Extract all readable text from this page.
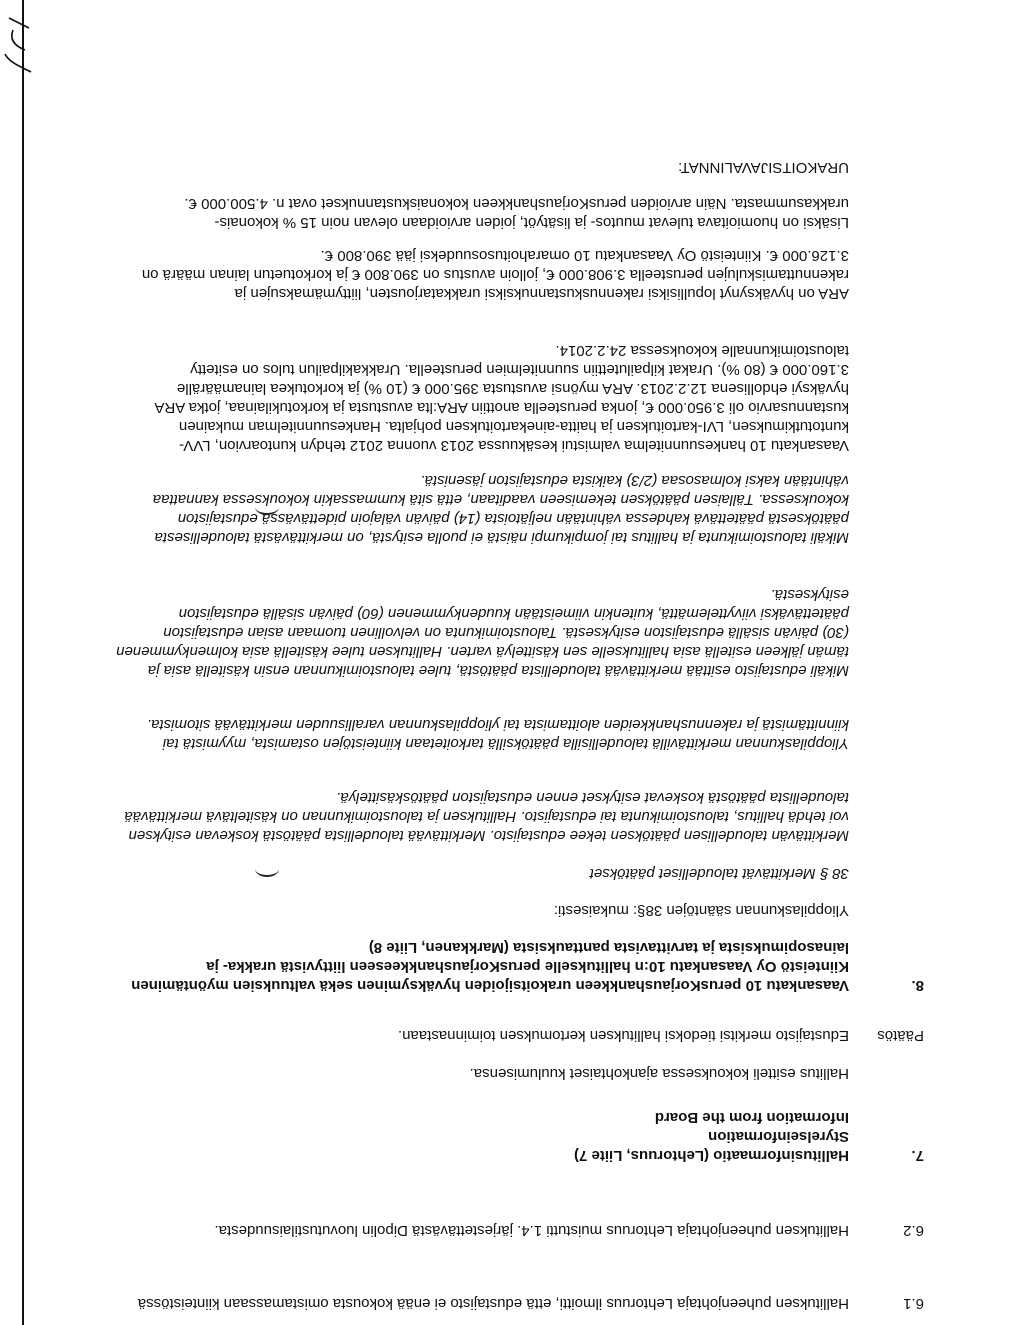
6.1
Hallituksen puheenjohtaja Lehtoruus ilmoitti, että edustajisto ei enää kokousta omistamassaan kiinteistössä
6.2
Hallituksen puheenjohtaja Lehtoruus muistutti 1.4. järjestettävästä Dipolin luovutustilaisuudesta.
7.
Hallitusinformaatio (Lehtoruus, Liite 7)
Styrelseinformation
Information from the Board
Hallitus esitteli kokouksessa ajankohtaiset kuulumisensa.
Päätös
Edustajisto merkitsi tiedoksi hallituksen kertomuksen toiminnastaan.
8.
Vaasankatu 10 perusKorjaushankkeen urakoitsijoiden hyväksyminen sekä valtuuksien myöntäminen Kiinteistö Oy Vaasankatu 10:n hallitukselle perusKorjaushankkeeseen liittyvistä urakka- ja lainasopimuksista ja tarvittavista panttauksista (Markkanen, Liite 8)
Ylioppilaskunnan sääntöjen 38§: mukaisesti:
38 § Merkittävät taloudelliset päätökset
Merkittävän taloudellisen päätöksen tekee edustajisto. Merkittävää taloudellista päätöstä koskevan esityksen voi tehdä hallitus, taloustoimikunta tai edustajisto. Hallituksen ja taloustoimikunnan on käsiteltävä merkittävää taloudellista päätöstä koskevat esitykset ennen edustajiston päätöskäsittelyä.
Ylioppilaskunnan merkittävillä taloudellisilla päätöksillä tarkoitetaan kiinteistöjen ostamista, myymistä tai kiinnittämistä ja rakennushankkeiden aloittamista tai ylioppilaskunnan varallisuuden merkittävää sitomista.
Mikäli edustajisto esittää merkittävää taloudellista päätöstä, tulee taloustoimikunnan ensin käsitellä asia ja tämän jälkeen esitellä asia hallitukselle sen käsittelyä varten. Hallituksen tulee käsitellä asia kolmenkymmenen (30) päivän sisällä edustajiston esityksestä. Taloustoimikunta on velvollinen tuomaan asian edustajiston päätettäväksi viivyttelemättä, kuitenkin viimeistään kuudenkymmenen (60) päivän sisällä edustajiston esityksestä.
Mikäli taloustoimikunta ja hallitus tai jompikumpi näistä ei puolla esitystä, on merkittävästä taloudellisesta päätöksestä päätettävä kahdessa vähintään neljätoista (14) päivän välajoin pidettävässä edustajiston kokouksessa. Tällaisen päätöksen tekemiseen vaaditaan, että sitä kummassakin kokouksessa kannattaa vähintään kaksi kolmasosaa (2/3) kaikista edustajiston jäsenistä.
Vaasankatu 10 hankesuunnitelma valmistui kesäkuussa 2013 vuonna 2012 tehdyn kuntoarvion, LVV-kuntotutkimuksen, LVI-kartoituksen ja haitta-ainekartoituksen pohjalta. Hankesuunnitelman mukainen kustannusarvio oli 3.950.000 €, jonka perusteella anottiin ARA:lta avustusta ja korkotukilainaa, jotka ARA hyväksyi ehdollisena 12.2.2013. ARA myönsi avustusta 395.000 € (10 %) ja korkotukea lainamäärälle 3.160.000 € (80 %). Urakat kilpailutettiin suunnitelmien perusteella. Urakkakilpailun tulos on esitetty taloustoimikunnalle kokouksessa 24.2.2014.
ARA on hyväksynyt lopullisiksi rakennuskustannuksiksi urakkatarjousten, liittymämaksujen ja rakennuttamiskulujen perusteella 3.908.000 €, jolloin avustus on 390.800 € ja korkotuetun lainan määrä on 3.126.000 €. Kiinteistö Oy Vaasankatu 10 omarahoitusosuudeksi jää 390.800 €.
Lisäksi on huomioitava tulevat muutos- ja lisätyöt, joiden arvioidaan olevan noin 15 % kokonais-urakkasummasta. Näin arvioiden perusKorjaushankkeen kokonaiskustannukset ovat n. 4.500.000 €.
URAKOITSIJAVALINNAT:
